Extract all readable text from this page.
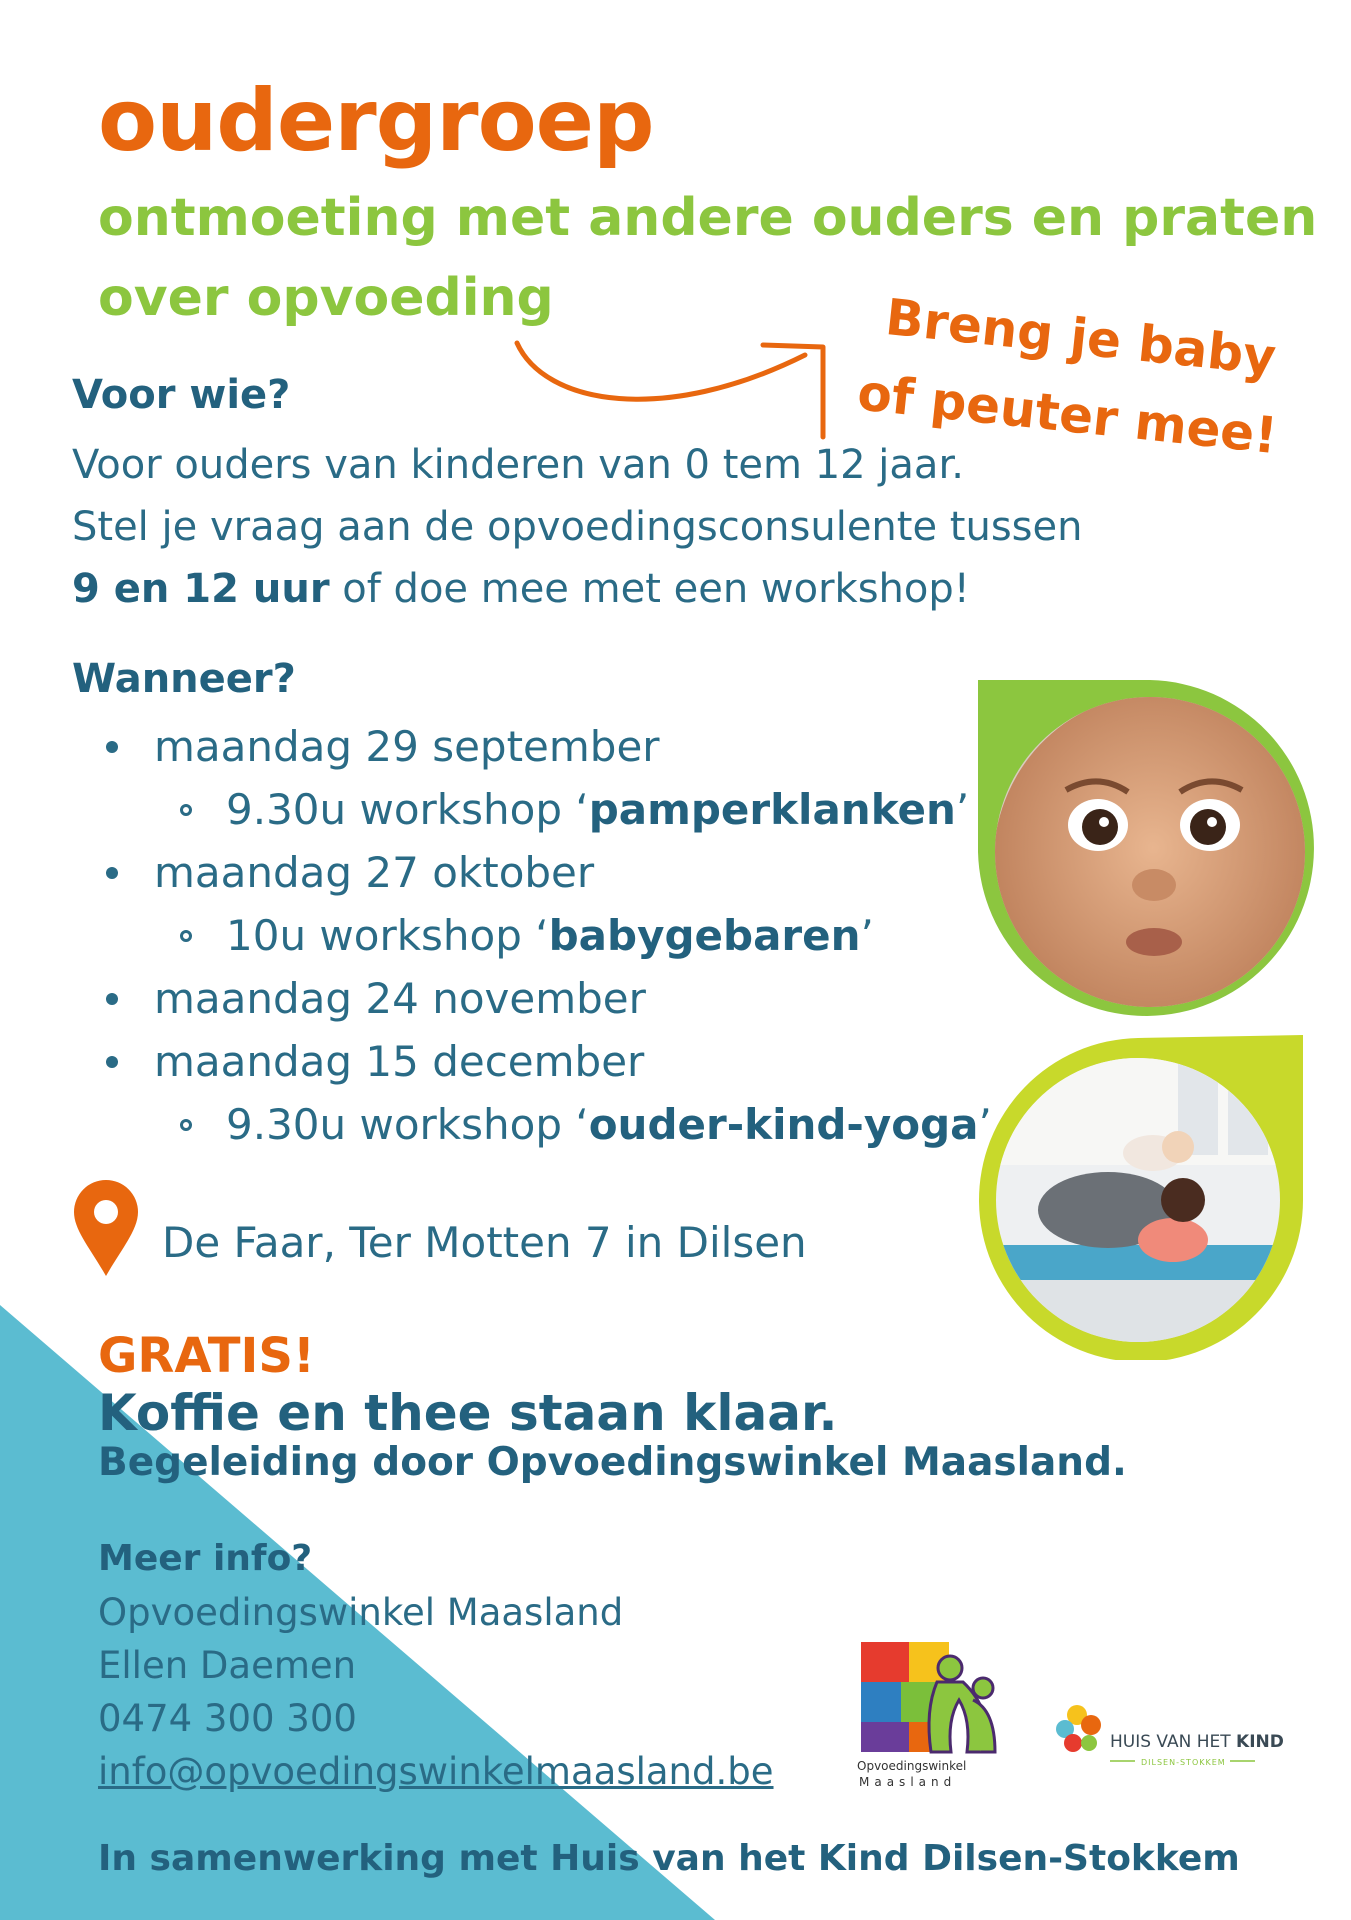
oudergroep
ontmoeting met andere ouders en praten
over opvoeding	Breng je baby
of peuter mee!
Voor wie?
Voor ouders van kinderen van 0 tem 12 jaar.
Stel je vraag aan de opvoedingsconsulente tussen
9 en 12 uur of doe mee met een workshop!
Wanneer?
maandag 29 september
9.30u workshop ‘ pamperklanken ’
maandag 27 oktober
10u workshop ‘ babygebaren ’
maandag 24 november
maandag 15 december
9.30u workshop ‘ ouder-kind-yoga ’
De Faar, Ter Motten 7 in Dilsen
GRATIS!
Koffie en thee staan klaar.
Begeleiding door Opvoedingswinkel Maasland.
Meer info?
Opvoedingswinkel Maasland
Ellen Daemen
0474 300 300
info@opvoedingswinkelmaasland.be	Opvoedingswinkel
Maasland
HUIS VAN HET KIND
DILSEN-STOKKEM
In samenwerking met Huis van het Kind Dilsen-Stokkem
